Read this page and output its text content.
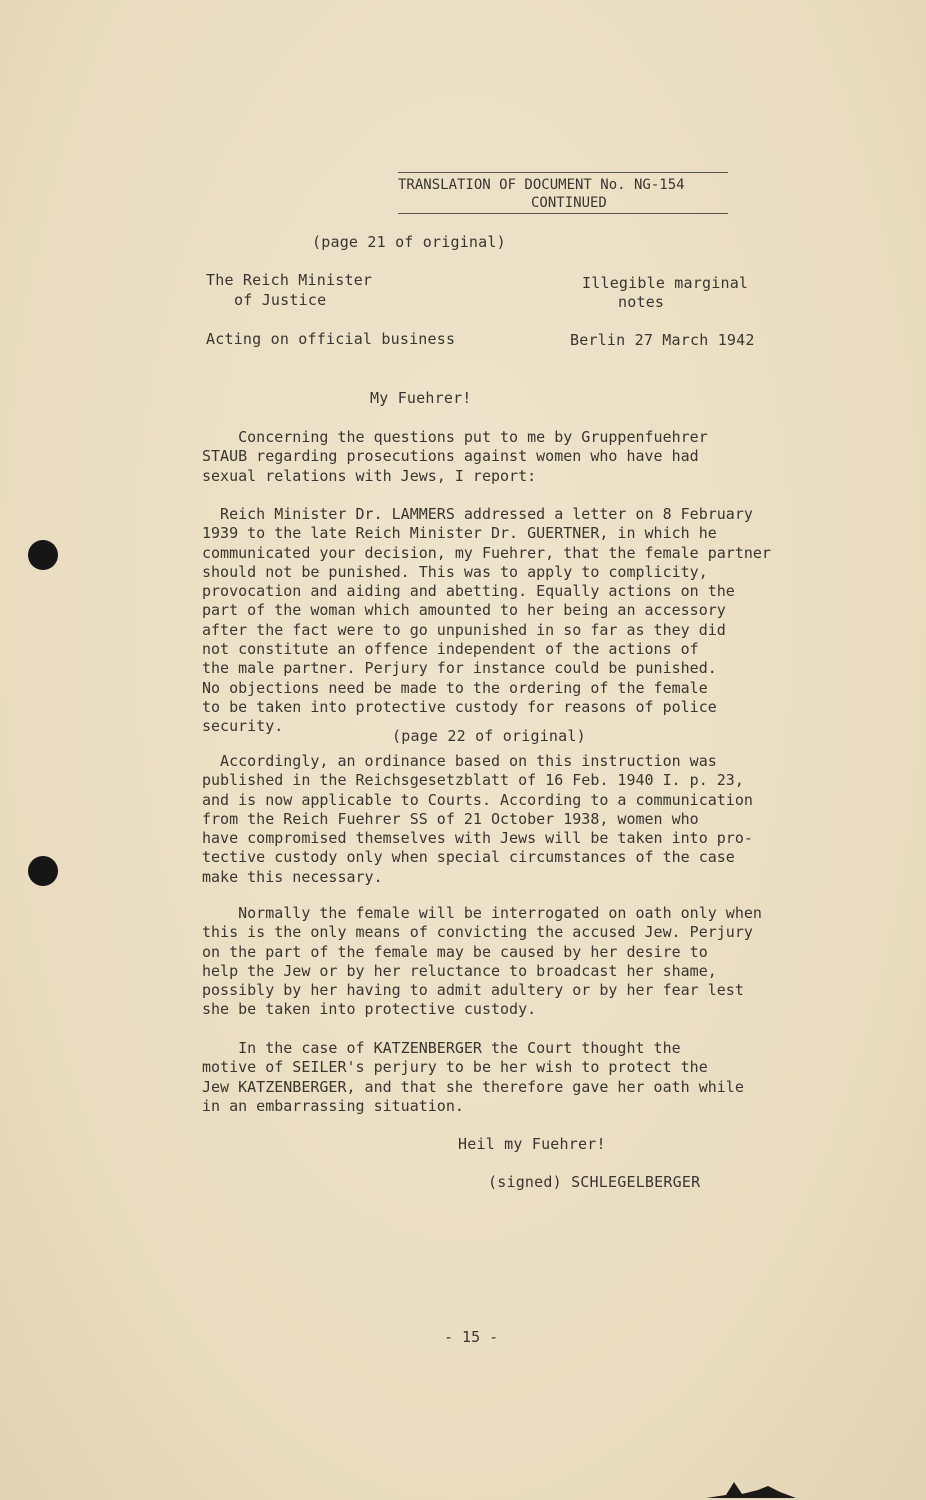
TRANSLATION OF DOCUMENT No. NG-154
CONTINUED
(page 21 of original)
The Reich Minister
of Justice
Acting on official business
Illegible marginal
notes
Berlin 27 March 1942
My Fuehrer!

Concerning the questions put to me by Gruppenfuehrer

STAUB regarding prosecutions against women who have had

sexual relations with Jews, I report:

Reich Minister Dr. LAMMERS addressed a letter on 8 February

1939 to the late Reich Minister Dr. GUERTNER, in which he

communicated your decision, my Fuehrer, that the female partner

should not be punished. This was to apply to complicity,

provocation and aiding and abetting. Equally actions on the

part of the woman which amounted to her being an accessory

after the fact were to go unpunished in so far as they did

not constitute an offence independent of the actions of

the male partner. Perjury for instance could be punished.

No objections need be made to the ordering of the female

to be taken into protective custody for reasons of police

security.

(page 22 of original)

Accordingly, an ordinance based on this instruction was

published in the Reichsgesetzblatt of 16 Feb. 1940 I. p. 23,

and is now applicable to Courts. According to a communication

from the Reich Fuehrer SS of 21 October 1938, women who

have compromised themselves with Jews will be taken into pro-

tective custody only when special circumstances of the case

make this necessary.

Normally the female will be interrogated on oath only when

this is the only means of convicting the accused Jew. Perjury

on the part of the female may be caused by her desire to

help the Jew or by her reluctance to broadcast her shame,

possibly by her having to admit adultery or by her fear lest

she be taken into protective custody.

In the case of KATZENBERGER the Court thought the

motive of SEILER's perjury to be her wish to protect the

Jew KATZENBERGER, and that she therefore gave her oath while

in an embarrassing situation.

Heil my Fuehrer!
(signed) SCHLEGELBERGER
- 15 -
